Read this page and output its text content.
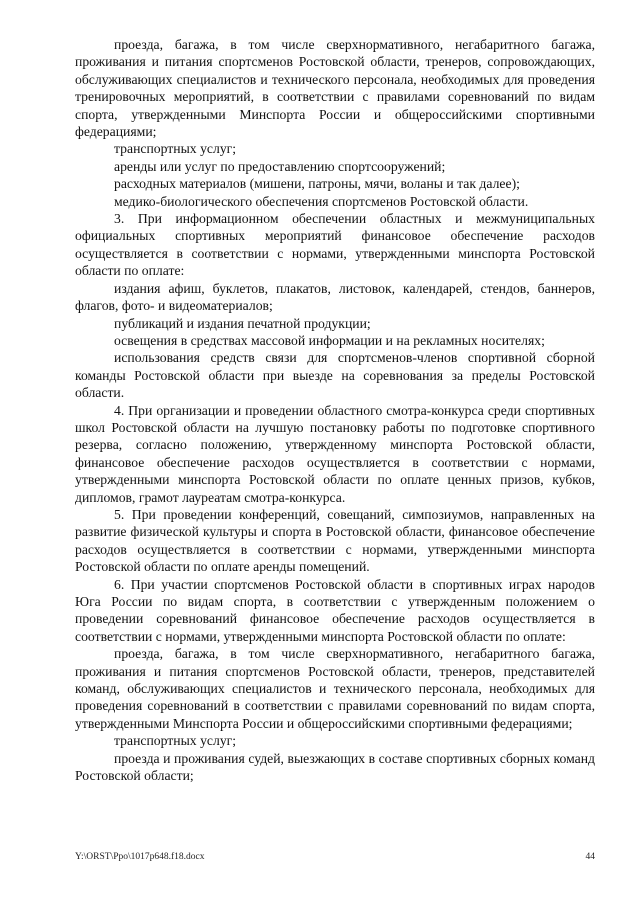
проезда, багажа, в том числе сверхнормативного, негабаритного багажа, проживания и питания спортсменов Ростовской области, тренеров, сопровождающих, обслуживающих специалистов и технического персонала, необходимых для проведения тренировочных мероприятий, в соответствии с правилами соревнований по видам спорта, утвержденными Минспорта России и общероссийскими спортивными федерациями;

транспортных услуг;

аренды или услуг по предоставлению спортсооружений;

расходных материалов (мишени, патроны, мячи, воланы и так далее);

медико-биологического обеспечения спортсменов Ростовской области.

3. При информационном обеспечении областных и межмуниципальных официальных спортивных мероприятий финансовое обеспечение расходов осуществляется в соответствии с нормами, утвержденными минспорта Ростовской области по оплате:

издания афиш, буклетов, плакатов, листовок, календарей, стендов, баннеров, флагов, фото- и видеоматериалов;

публикаций и издания печатной продукции;

освещения в средствах массовой информации и на рекламных носителях;

использования средств связи для спортсменов-членов спортивной сборной команды Ростовской области при выезде на соревнования за пределы Ростовской области.

4. При организации и проведении областного смотра-конкурса среди спортивных школ Ростовской области на лучшую постановку работы по подготовке спортивного резерва, согласно положению, утвержденному минспорта Ростовской области, финансовое обеспечение расходов осуществляется в соответствии с нормами, утвержденными минспорта Ростовской области по оплате ценных призов, кубков, дипломов, грамот лауреатам смотра-конкурса.

5. При проведении конференций, совещаний, симпозиумов, направленных на развитие физической культуры и спорта в Ростовской области, финансовое обеспечение расходов осуществляется в соответствии с нормами, утвержденными минспорта Ростовской области по оплате аренды помещений.

6. При участии спортсменов Ростовской области в спортивных играх народов Юга России по видам спорта, в соответствии с утвержденным положением о проведении соревнований финансовое обеспечение расходов осуществляется в соответствии с нормами, утвержденными минспорта Ростовской области по оплате:

проезда, багажа, в том числе сверхнормативного, негабаритного багажа, проживания и питания спортсменов Ростовской области, тренеров, представителей команд, обслуживающих специалистов и технического персонала, необходимых для проведения соревнований в соответствии с правилами соревнований по видам спорта, утвержденными Минспорта России и общероссийскими спортивными федерациями;

транспортных услуг;

проезда и проживания судей, выезжающих в составе спортивных сборных команд Ростовской области;

Y:\ORST\Ppo\1017p648.f18.docx	44
